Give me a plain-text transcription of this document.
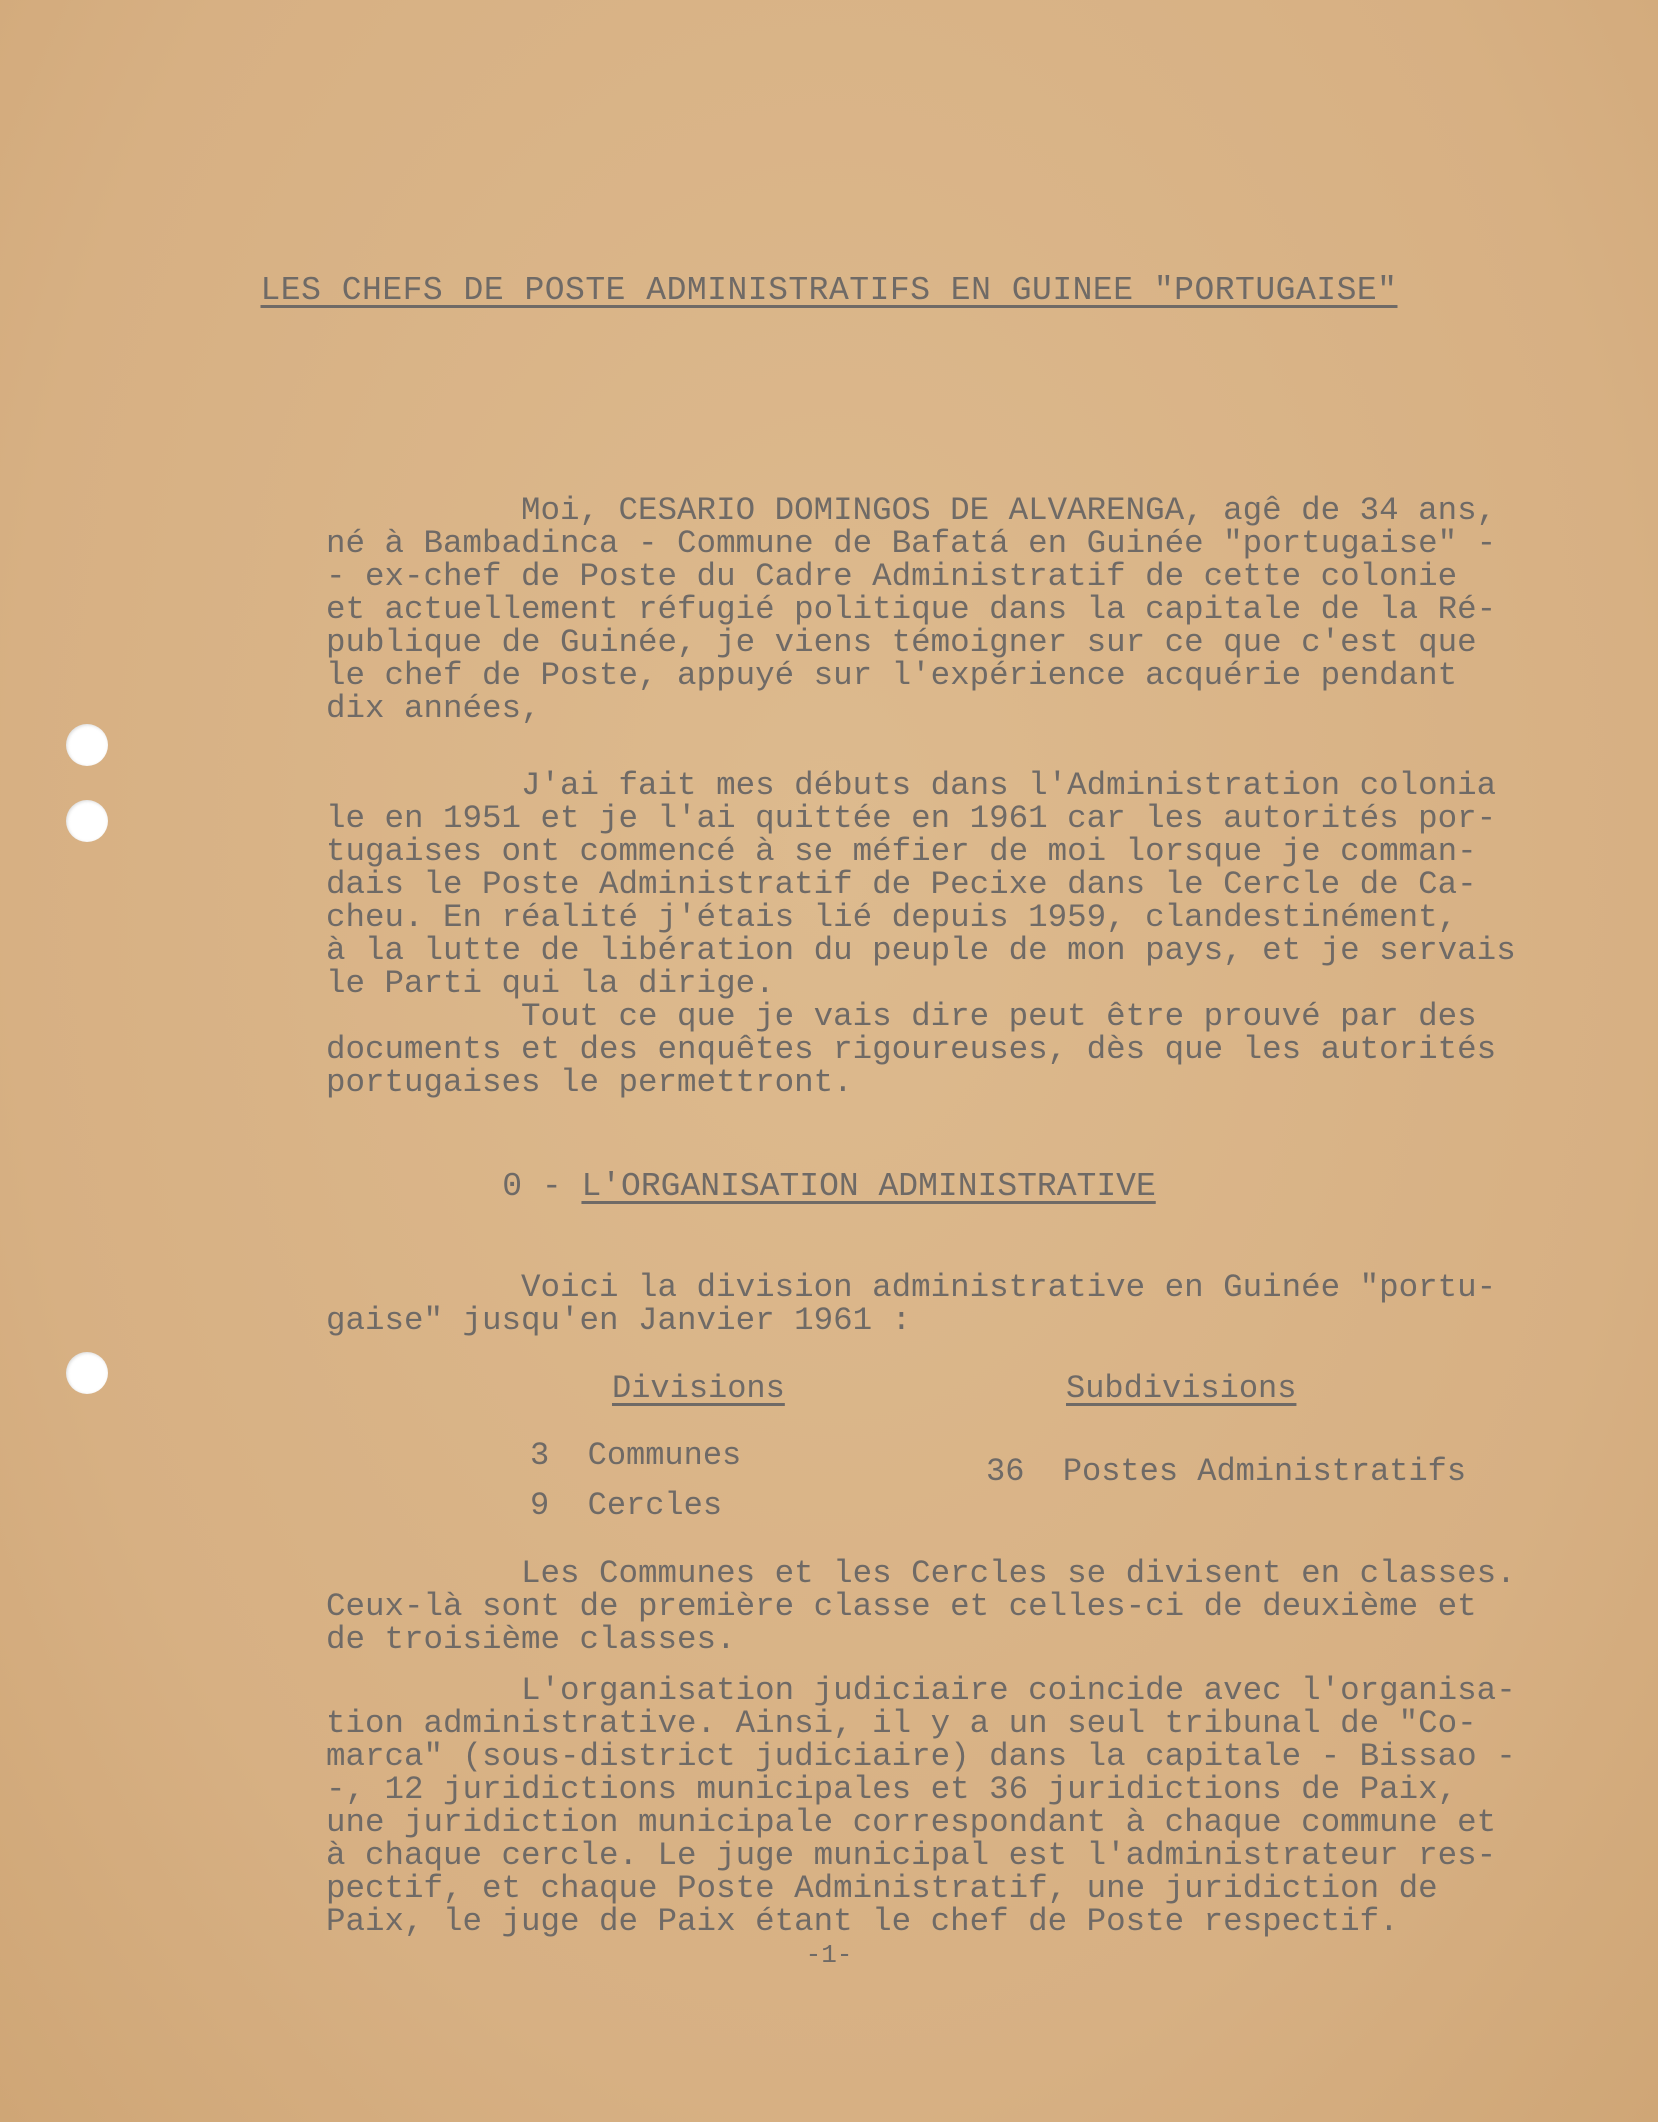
LES CHEFS DE POSTE ADMINISTRATIFS EN GUINEE "PORTUGAISE"

Moi, CESARIO DOMINGOS DE ALVARENGA, agê de 34 ans,
né à Bambadinca - Commune de Bafatá en Guinée "portugaise" -
- ex-chef de Poste du Cadre Administratif de cette colonie
et actuellement réfugié politique dans la capitale de la Ré-
publique de Guinée, je viens témoigner sur ce que c'est que
le chef de Poste, appuyé sur l'expérience acquérie pendant
dix années,

J'ai fait mes débuts dans l'Administration colonia
le en 1951 et je l'ai quittée en 1961 car les autorités por-
tugaises ont commencé à se méfier de moi lorsque je comman-
dais le Poste Administratif de Pecixe dans le Cercle de Ca-
cheu. En réalité j'étais lié depuis 1959, clandestinément,
à la lutte de libération du peuple de mon pays, et je servais
le Parti qui la dirige.
Tout ce que je vais dire peut être prouvé par des
documents et des enquêtes rigoureuses, dès que les autorités
portugaises le permettront.

0 - L'ORGANISATION ADMINISTRATIVE

Voici la division administrative en Guinée "portu-
gaise" jusqu'en Janvier 1961 :

Divisions	Subdivisions
3  Communes
9  Cercles
36  Postes Administratifs

Les Communes et les Cercles se divisent en classes.
Ceux-là sont de première classe et celles-ci de deuxième et
de troisième classes.

L'organisation judiciaire coincide avec l'organisa-
tion administrative. Ainsi, il y a un seul tribunal de "Co-
marca" (sous-district judiciaire) dans la capitale - Bissao -
-, 12 juridictions municipales et 36 juridictions de Paix,
une juridiction municipale correspondant à chaque commune et
à chaque cercle. Le juge municipal est l'administrateur res-
pectif, et chaque Poste Administratif, une juridiction de
Paix, le juge de Paix étant le chef de Poste respectif.

-1-
